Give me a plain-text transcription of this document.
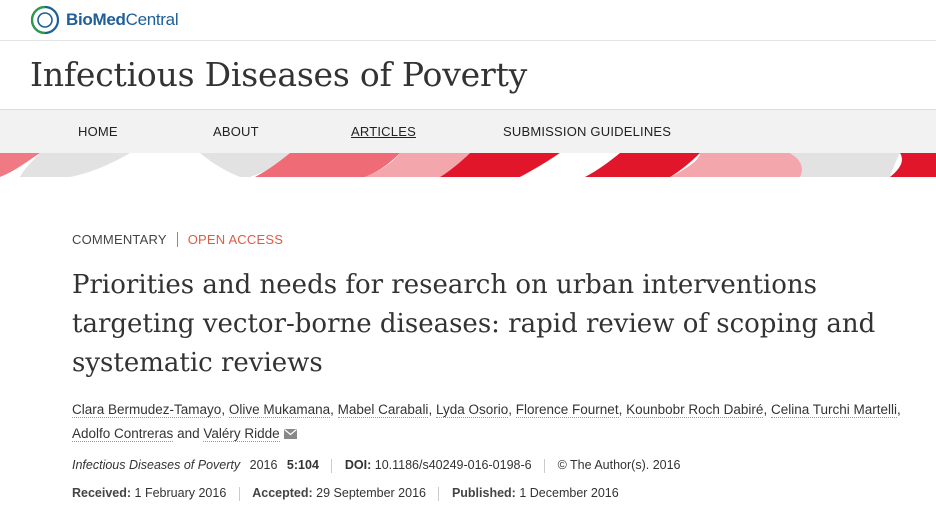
BioMedCentral
Infectious Diseases of Poverty
HOME	ABOUT	ARTICLES	SUBMISSION GUIDELINES
COMMENTARY	OPEN ACCESS
Priorities and needs for research on urban interventions targeting vector-borne diseases: rapid review of scoping and systematic reviews
Clara Bermudez-Tamayo, Olive Mukamana, Mabel Carabali, Lyda Osorio, Florence Fournet, Kounbobr Roch Dabiré, Celina Turchi Martelli, Adolfo Contreras and Valéry Ridde
Infectious Diseases of Poverty 2016 5:104 DOI: 10.1186/s40249-016-0198-6 © The Author(s). 2016
Received: 1 February 2016 Accepted: 29 September 2016 Published: 1 December 2016
